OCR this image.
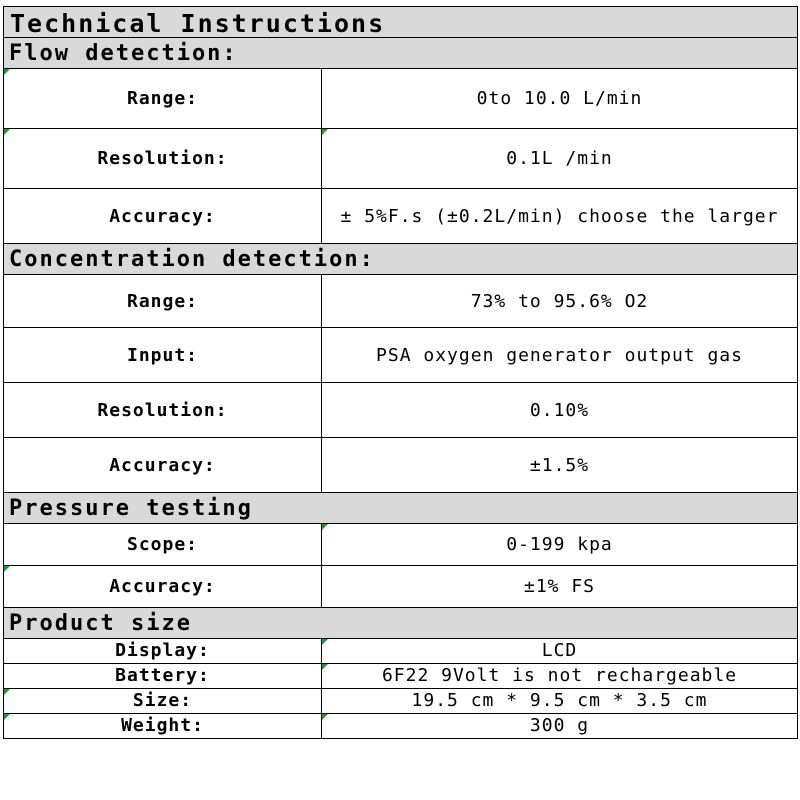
Technical Instructions	
Flow detection:	

Range:	0to 10.0 L/min

Resolution:	0.1L /min
Accuracy:	± 5%F.s (±0.2L/min) choose the larger
Concentration detection:	
Range:	73% to 95.6% O2
Input:	PSA oxygen generator output gas
Resolution:	0.10%
Accuracy:	±1.5%
Pressure testing	
Scope:	0-199 kpa

Accuracy:	±1% FS
Product size	
Display:	LCD
Battery:	6F22 9Volt is not rechargeable

Size:	19.5 cm * 9.5 cm * 3.5 cm

Weight:	300 g
